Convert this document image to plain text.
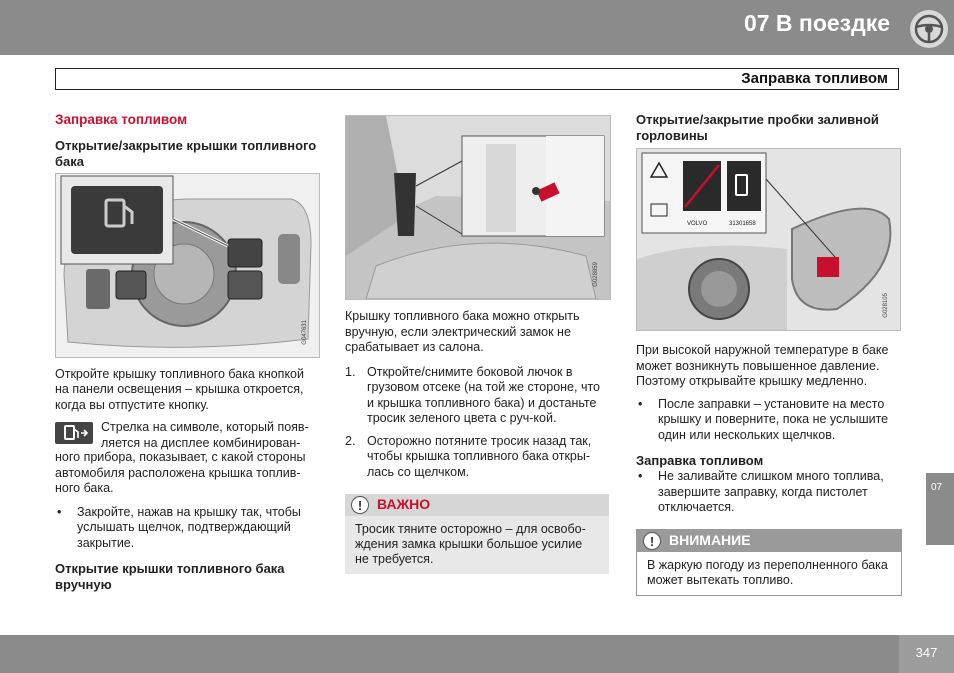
07 В поездке
Заправка топливом
Заправка топливом

Открытие/закрытие крышки топливного бака

G047631

Откройте крышку топливного бака кнопкой на панели освещения – крышка откроется, когда вы отпустите кнопку.

Стрелка на символе, который появ-ляется на дисплее комбинирован-

ного прибора, показывает, с какой стороны автомобиля расположена крышка топлив-ного бака.

• Закройте, нажав на крышку так, чтобы услышать щелчок, подтверждающий закрытие.

Открытие крышки топливного бака вручную

G028859

Крышку топливного бака можно открыть вручную, если электрический замок не срабатывает из салона.

1. Откройте/снимите боковой лючок в грузовом отсеке (на той же стороне, что и крышка топливного бака) и достаньте тросик зеленого цвета с руч-кой.

2. Осторожно потяните тросик назад так, чтобы крышка топливного бака откры-лась со щелчком.

!	ВАЖНО
Тросик тяните осторожно – для освобо-ждения замка крышки большое усилие не требуется.

Открытие/закрытие пробки заливной горловины

VOLVO	31301658
G028105

При высокой наружной температуре в баке может возникнуть повышенное давление. Поэтому открывайте крышку медленно.

• После заправки – установите на место крышку и поверните, пока не услышите один или нескольких щелчков.

Заправка топливом

• Не заливайте слишком много топлива, завершите заправку, когда пистолет отключается.

!	ВНИМАНИЕ
В жаркую погоду из переполненного бака может вытекать топливо.
07
347
